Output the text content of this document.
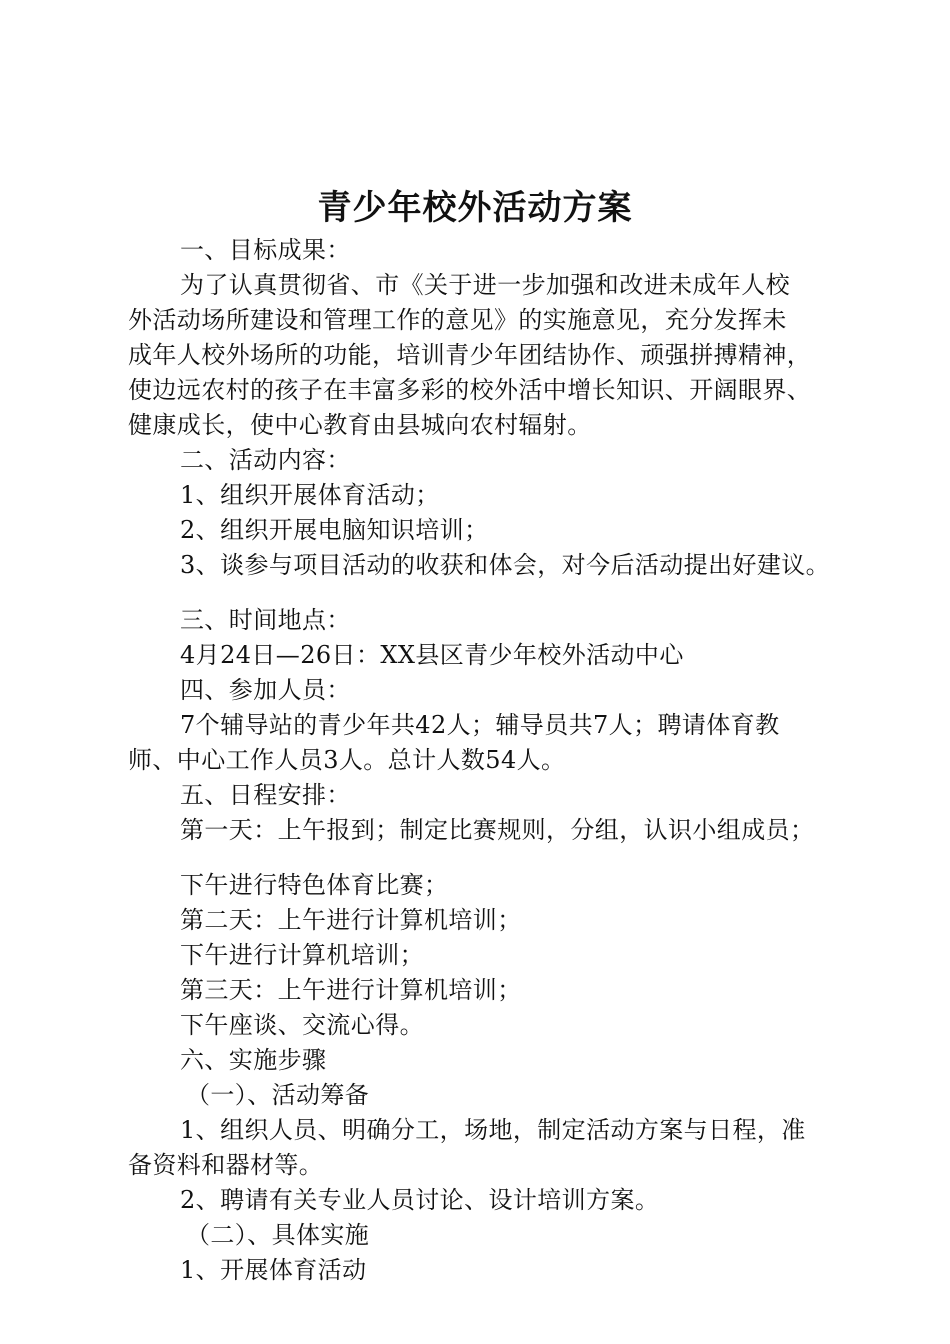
青少年校外活动方案
一、目标成果：
为了认真贯彻省、市《关于进一步加强和改进未成年人校
外活动场所建设和管理工作的意见》的实施意见，充分发挥未
成年人校外场所的功能，培训青少年团结协作、顽强拼搏精神，
使边远农村的孩子在丰富多彩的校外活中增长知识、开阔眼界、
健康成长，使中心教育由县城向农村辐射。
二、活动内容：
1、组织开展体育活动；
2、组织开展电脑知识培训；
3、谈参与项目活动的收获和体会，对今后活动提出好建议。
三、时间地点：
4月24日—26日：XX县区青少年校外活动中心
四、参加人员：
7个辅导站的青少年共42人；辅导员共7人；聘请体育教
师、中心工作人员3人。总计人数54人。
五、日程安排：
第一天：上午报到；制定比赛规则，分组，认识小组成员；
下午进行特色体育比赛；
第二天：上午进行计算机培训；
下午进行计算机培训；
第三天：上午进行计算机培训；
下午座谈、交流心得。
六、实施步骤
（一）、活动筹备
1、组织人员、明确分工，场地，制定活动方案与日程，准
备资料和器材等。
2、聘请有关专业人员讨论、设计培训方案。
（二）、具体实施
1、开展体育活动
